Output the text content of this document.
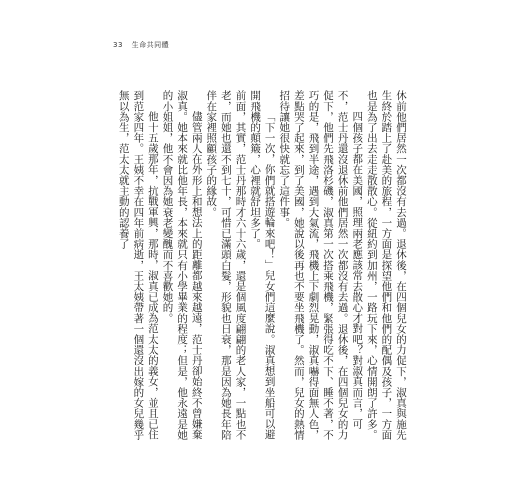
33 生命共同體

休前他們居然一次都沒有去過。退休後，在四個兒女的力促下，淑真與施先生終於踏上了赴美的旅程，一方面是探望他們和他們的配偶及孩子，一方面也是為了出去走走散散心。從紐約到加州，一路玩下來，心情開朗了許多。

四個孩子都在美國，照理兩老應該常去散心才對吧？對淑真而言，可不，范士丹還沒退休前他們居然一次都沒有去過。退休後，在四個兒女的力促下，他們先飛洛杉磯，淑真第一次搭乘飛機，緊張得吃不下、睡不著，不巧的是，飛到半途，遇到大氣流，飛機上下劇烈晃動，淑真嚇得面無人色，差點哭了起來，到了美國，她說以後再也不要坐飛機了。然而，兒女的熱情招待讓她很快就忘了這件事。

「下一次，你們就搭遊輪來吧！」兒女們這麼說。淑真想到坐船可以避開飛機的顛簸，心裡就舒坦多了。

前面，其實，范士丹那時才六十六歲，還是個風度翩翩的老人家，一點也不老，而她也還不到七十，可惜已滿頭白髮，形貌也日衰，那是因為她長年陪伴在家裡照顧孩子的緣故。

儘管兩人在外形上和想法上的距離都越來越遠，范士丹卻始終不曾嫌棄淑真。她本來就比他年長，本來就只有小學畢業的程度；但是，他永遠是她的小姐姐，他不會因為她衰老變醜而不喜歡她的。

他十五歲那年，抗戰軍興，那時，淑真已成為范太太的義女，並且已住到范家四年。王姨不幸在四年前病逝，王太姨帶著一個還沒出嫁的女兒幾乎無以為生，范太太就主動的認養了
